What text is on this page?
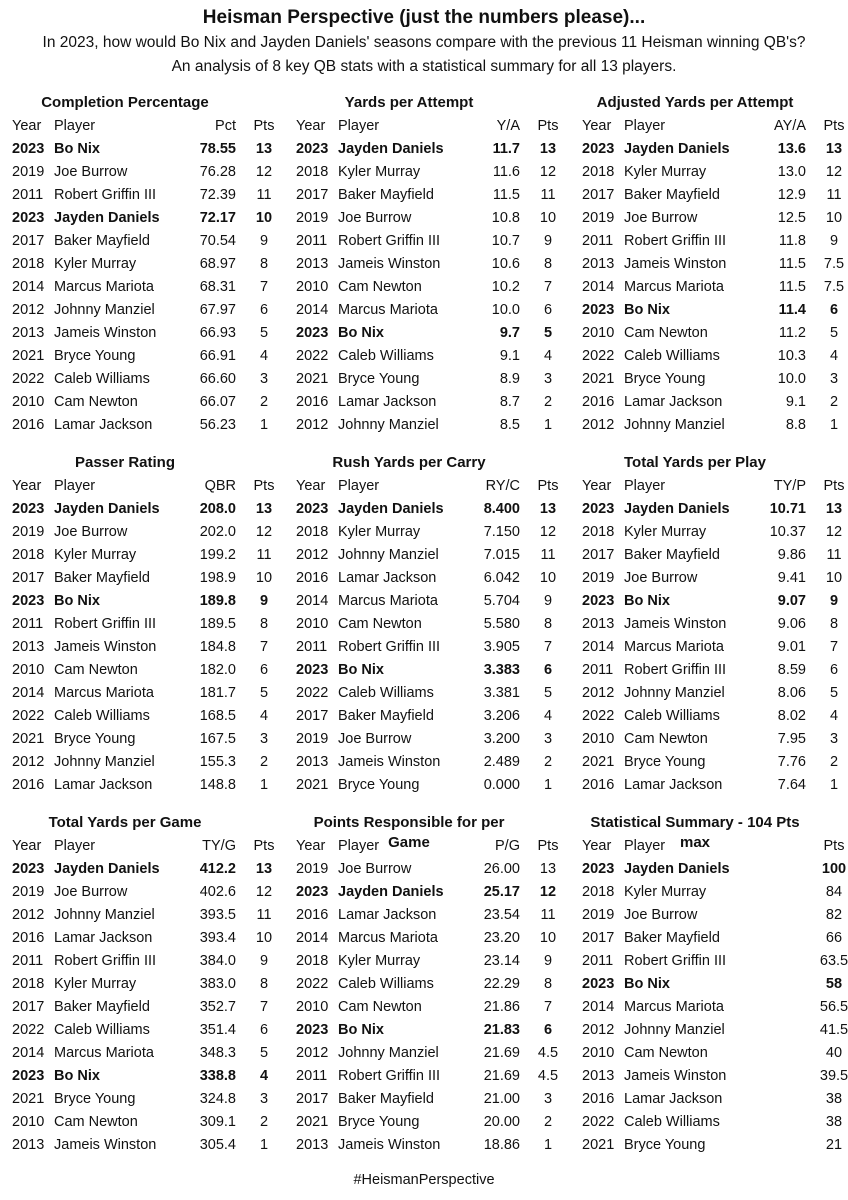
Heisman Perspective (just the numbers please)...
In 2023, how would Bo Nix and Jayden Daniels' seasons compare with the previous 11 Heisman winning QB's?
An analysis of 8 key QB stats with a statistical summary for all 13 players.
Completion Percentage
Year Player	Pct	Pts
2023 Bo Nix	78.55	13
2019 Joe Burrow	76.28	12
2011 Robert Griffin III	72.39	11
2023 Jayden Daniels	72.17	10
2017 Baker Mayfield	70.54	9
2018 Kyler Murray	68.97	8
2014 Marcus Mariota	68.31	7
2012 Johnny Manziel	67.97	6
2013 Jameis Winston	66.93	5
2021 Bryce Young	66.91	4
2022 Caleb Williams	66.60	3
2010 Cam Newton	66.07	2
2016 Lamar Jackson	56.23	1
Yards per Attempt
Year Player	Y/A	Pts
2023 Jayden Daniels	11.7	13
2018 Kyler Murray	11.6	12
2017 Baker Mayfield	11.5	11
2019 Joe Burrow	10.8	10
2011 Robert Griffin III	10.7	9
2013 Jameis Winston	10.6	8
2010 Cam Newton	10.2	7
2014 Marcus Mariota	10.0	6
2023 Bo Nix	9.7	5
2022 Caleb Williams	9.1	4
2021 Bryce Young	8.9	3
2016 Lamar Jackson	8.7	2
2012 Johnny Manziel	8.5	1
Adjusted Yards per Attempt
Year Player	AY/A	Pts
2023 Jayden Daniels	13.6	13
2018 Kyler Murray	13.0	12
2017 Baker Mayfield	12.9	11
2019 Joe Burrow	12.5	10
2011 Robert Griffin III	11.8	9
2013 Jameis Winston	11.5	7.5
2014 Marcus Mariota	11.5	7.5
2023 Bo Nix	11.4	6
2010 Cam Newton	11.2	5
2022 Caleb Williams	10.3	4
2021 Bryce Young	10.0	3
2016 Lamar Jackson	9.1	2
2012 Johnny Manziel	8.8	1
Passer Rating
Year Player	QBR	Pts
2023 Jayden Daniels	208.0	13
2019 Joe Burrow	202.0	12
2018 Kyler Murray	199.2	11
2017 Baker Mayfield	198.9	10
2023 Bo Nix	189.8	9
2011 Robert Griffin III	189.5	8
2013 Jameis Winston	184.8	7
2010 Cam Newton	182.0	6
2014 Marcus Mariota	181.7	5
2022 Caleb Williams	168.5	4
2021 Bryce Young	167.5	3
2012 Johnny Manziel	155.3	2
2016 Lamar Jackson	148.8	1
Rush Yards per Carry
Year Player	RY/C	Pts
2023 Jayden Daniels	8.400	13
2018 Kyler Murray	7.150	12
2012 Johnny Manziel	7.015	11
2016 Lamar Jackson	6.042	10
2014 Marcus Mariota	5.704	9
2010 Cam Newton	5.580	8
2011 Robert Griffin III	3.905	7
2023 Bo Nix	3.383	6
2022 Caleb Williams	3.381	5
2017 Baker Mayfield	3.206	4
2019 Joe Burrow	3.200	3
2013 Jameis Winston	2.489	2
2021 Bryce Young	0.000	1
Total Yards per Play
Year Player	TY/P	Pts
2023 Jayden Daniels	10.71	13
2018 Kyler Murray	10.37	12
2017 Baker Mayfield	9.86	11
2019 Joe Burrow	9.41	10
2023 Bo Nix	9.07	9
2013 Jameis Winston	9.06	8
2014 Marcus Mariota	9.01	7
2011 Robert Griffin III	8.59	6
2012 Johnny Manziel	8.06	5
2022 Caleb Williams	8.02	4
2010 Cam Newton	7.95	3
2021 Bryce Young	7.76	2
2016 Lamar Jackson	7.64	1
Total Yards per Game
Year Player	TY/G	Pts
2023 Jayden Daniels	412.2	13
2019 Joe Burrow	402.6	12
2012 Johnny Manziel	393.5	11
2016 Lamar Jackson	393.4	10
2011 Robert Griffin III	384.0	9
2018 Kyler Murray	383.0	8
2017 Baker Mayfield	352.7	7
2022 Caleb Williams	351.4	6
2014 Marcus Mariota	348.3	5
2023 Bo Nix	338.8	4
2021 Bryce Young	324.8	3
2010 Cam Newton	309.1	2
2013 Jameis Winston	305.4	1
Points Responsible for per Game
Year Player	P/G	Pts
2019 Joe Burrow	26.00	13
2023 Jayden Daniels	25.17	12
2016 Lamar Jackson	23.54	11
2014 Marcus Mariota	23.20	10
2018 Kyler Murray	23.14	9
2022 Caleb Williams	22.29	8
2010 Cam Newton	21.86	7
2023 Bo Nix	21.83	6
2012 Johnny Manziel	21.69	4.5
2011 Robert Griffin III	21.69	4.5
2017 Baker Mayfield	21.00	3
2021 Bryce Young	20.00	2
2013 Jameis Winston	18.86	1
Statistical Summary - 104 Pts max
Year Player	Pts
2023 Jayden Daniels	100
2018 Kyler Murray	84
2019 Joe Burrow	82
2017 Baker Mayfield	66
2011 Robert Griffin III	63.5
2023 Bo Nix	58
2014 Marcus Mariota	56.5
2012 Johnny Manziel	41.5
2010 Cam Newton	40
2013 Jameis Winston	39.5
2016 Lamar Jackson	38
2022 Caleb Williams	38
2021 Bryce Young	21
#HeismanPerspective
